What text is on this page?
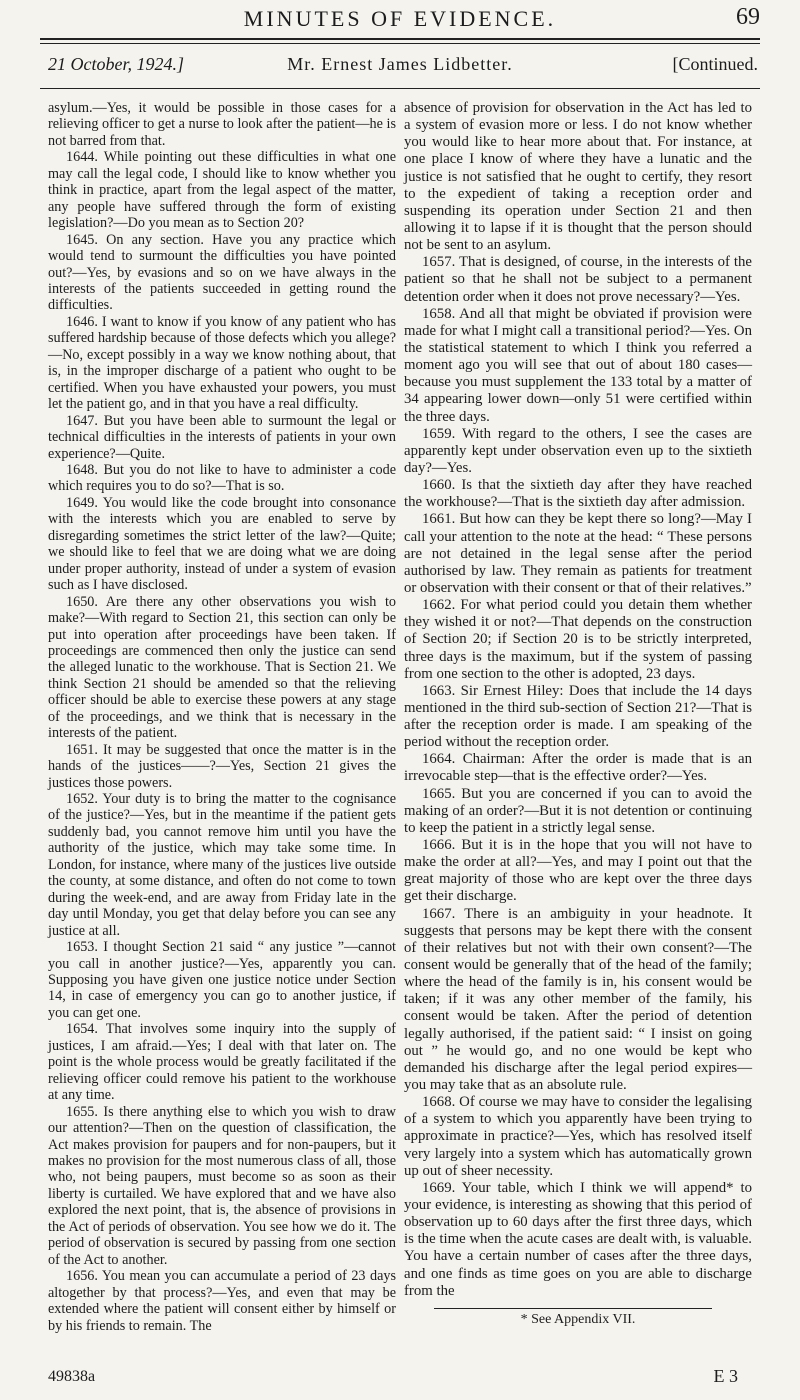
MINUTES OF EVIDENCE.	69
21 October, 1924.]	Mr. Ernest James Lidbetter.	[Continued.

asylum.—Yes, it would be possible in those cases for a relieving officer to get a nurse to look after the patient—he is not barred from that.

1644. While pointing out these difficulties in what one may call the legal code, I should like to know whether you think in practice, apart from the legal aspect of the matter, any people have suffered through the form of existing legislation?—Do you mean as to Section 20?

1645. On any section. Have you any practice which would tend to surmount the difficulties you have pointed out?—Yes, by evasions and so on we have always in the interests of the patients succeeded in getting round the difficulties.

1646. I want to know if you know of any patient who has suffered hardship because of those defects which you allege?—No, except possibly in a way we know nothing about, that is, in the improper discharge of a patient who ought to be certified. When you have exhausted your powers, you must let the patient go, and in that you have a real difficulty.

1647. But you have been able to surmount the legal or technical difficulties in the interests of patients in your own experience?—Quite.

1648. But you do not like to have to administer a code which requires you to do so?—That is so.

1649. You would like the code brought into consonance with the interests which you are enabled to serve by disregarding sometimes the strict letter of the law?—Quite; we should like to feel that we are doing what we are doing under proper authority, instead of under a system of evasion such as I have disclosed.

1650. Are there any other observations you wish to make?—With regard to Section 21, this section can only be put into operation after proceedings have been taken. If proceedings are commenced then only the justice can send the alleged lunatic to the workhouse. That is Section 21. We think Section 21 should be amended so that the relieving officer should be able to exercise these powers at any stage of the proceedings, and we think that is necessary in the interests of the patient.

1651. It may be suggested that once the matter is in the hands of the justices——?—Yes, Section 21 gives the justices those powers.

1652. Your duty is to bring the matter to the cognisance of the justice?—Yes, but in the meantime if the patient gets suddenly bad, you cannot remove him until you have the authority of the justice, which may take some time. In London, for instance, where many of the justices live outside the county, at some distance, and often do not come to town during the week-end, and are away from Friday late in the day until Monday, you get that delay before you can see any justice at all.

1653. I thought Section 21 said “ any justice ”—cannot you call in another justice?—Yes, apparently you can. Supposing you have given one justice notice under Section 14, in case of emergency you can go to another justice, if you can get one.

1654. That involves some inquiry into the supply of justices, I am afraid.—Yes; I deal with that later on. The point is the whole process would be greatly facilitated if the relieving officer could remove his patient to the workhouse at any time.

1655. Is there anything else to which you wish to draw our attention?—Then on the question of classification, the Act makes provision for paupers and for non-paupers, but it makes no provision for the most numerous class of all, those who, not being paupers, must become so as soon as their liberty is curtailed. We have explored that and we have also explored the next point, that is, the absence of provisions in the Act of periods of observation. You see how we do it. The period of observation is secured by passing from one section of the Act to another.

1656. You mean you can accumulate a period of 23 days altogether by that process?—Yes, and even that may be extended where the patient will consent either by himself or by his friends to remain. The

absence of provision for observation in the Act has led to a system of evasion more or less. I do not know whether you would like to hear more about that. For instance, at one place I know of where they have a lunatic and the justice is not satisfied that he ought to certify, they resort to the expedient of taking a reception order and suspending its operation under Section 21 and then allowing it to lapse if it is thought that the person should not be sent to an asylum.

1657. That is designed, of course, in the interests of the patient so that he shall not be subject to a permanent detention order when it does not prove necessary?—Yes.

1658. And all that might be obviated if provision were made for what I might call a transitional period?—Yes. On the statistical statement to which I think you referred a moment ago you will see that out of about 180 cases—because you must supplement the 133 total by a matter of 34 appearing lower down—only 51 were certified within the three days.

1659. With regard to the others, I see the cases are apparently kept under observation even up to the sixtieth day?—Yes.

1660. Is that the sixtieth day after they have reached the workhouse?—That is the sixtieth day after admission.

1661. But how can they be kept there so long?—May I call your attention to the note at the head: “ These persons are not detained in the legal sense after the period authorised by law. They remain as patients for treatment or observation with their consent or that of their relatives.”

1662. For what period could you detain them whether they wished it or not?—That depends on the construction of Section 20; if Section 20 is to be strictly interpreted, three days is the maximum, but if the system of passing from one section to the other is adopted, 23 days.

1663. Sir Ernest Hiley: Does that include the 14 days mentioned in the third sub-section of Section 21?—That is after the reception order is made. I am speaking of the period without the reception order.

1664. Chairman: After the order is made that is an irrevocable step—that is the effective order?—Yes.

1665. But you are concerned if you can to avoid the making of an order?—But it is not detention or continuing to keep the patient in a strictly legal sense.

1666. But it is in the hope that you will not have to make the order at all?—Yes, and may I point out that the great majority of those who are kept over the three days get their discharge.

1667. There is an ambiguity in your headnote. It suggests that persons may be kept there with the consent of their relatives but not with their own consent?—The consent would be generally that of the head of the family; where the head of the family is in, his consent would be taken; if it was any other member of the family, his consent would be taken. After the period of detention legally authorised, if the patient said: “ I insist on going out ” he would go, and no one would be kept who demanded his discharge after the legal period expires—you may take that as an absolute rule.

1668. Of course we may have to consider the legalising of a system to which you apparently have been trying to approximate in practice?—Yes, which has resolved itself very largely into a system which has automatically grown up out of sheer necessity.

1669. Your table, which I think we will append* to your evidence, is interesting as showing that this period of observation up to 60 days after the first three days, which is the time when the acute cases are dealt with, is valuable. You have a certain number of cases after the three days, and one finds as time goes on you are able to discharge from the

* See Appendix VII.
49838a	E 3
